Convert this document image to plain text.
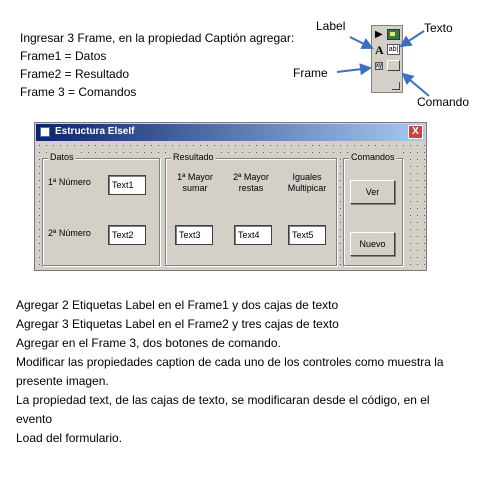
Ingresar 3 Frame, en la propiedad Captión agregar:
Frame1 = Datos
Frame2 = Resultado
Frame 3 = Comandos
Label	Texto
Frame
Comando
▶
A ab|
xy
Estructura ElseIf	X
Datos
1ª Número	Text1
2ª Número	Text2
Resultado
1ª Mayor
sumar
2ª Mayor
restas
Iguales
Multipicar
Text3	Text4	Text5
Comandos
Ver
Nuevo
Agregar 2 Etiquetas Label en el Frame1 y dos cajas de texto
Agregar 3 Etiquetas Label en el Frame2 y tres cajas de texto
Agregar en el Frame 3, dos botones de comando.
Modificar las propiedades caption de cada uno de los controles como muestra la
presente imagen.
La propiedad text, de las cajas de texto, se modificaran desde el código, en el evento
Load del formulario.
